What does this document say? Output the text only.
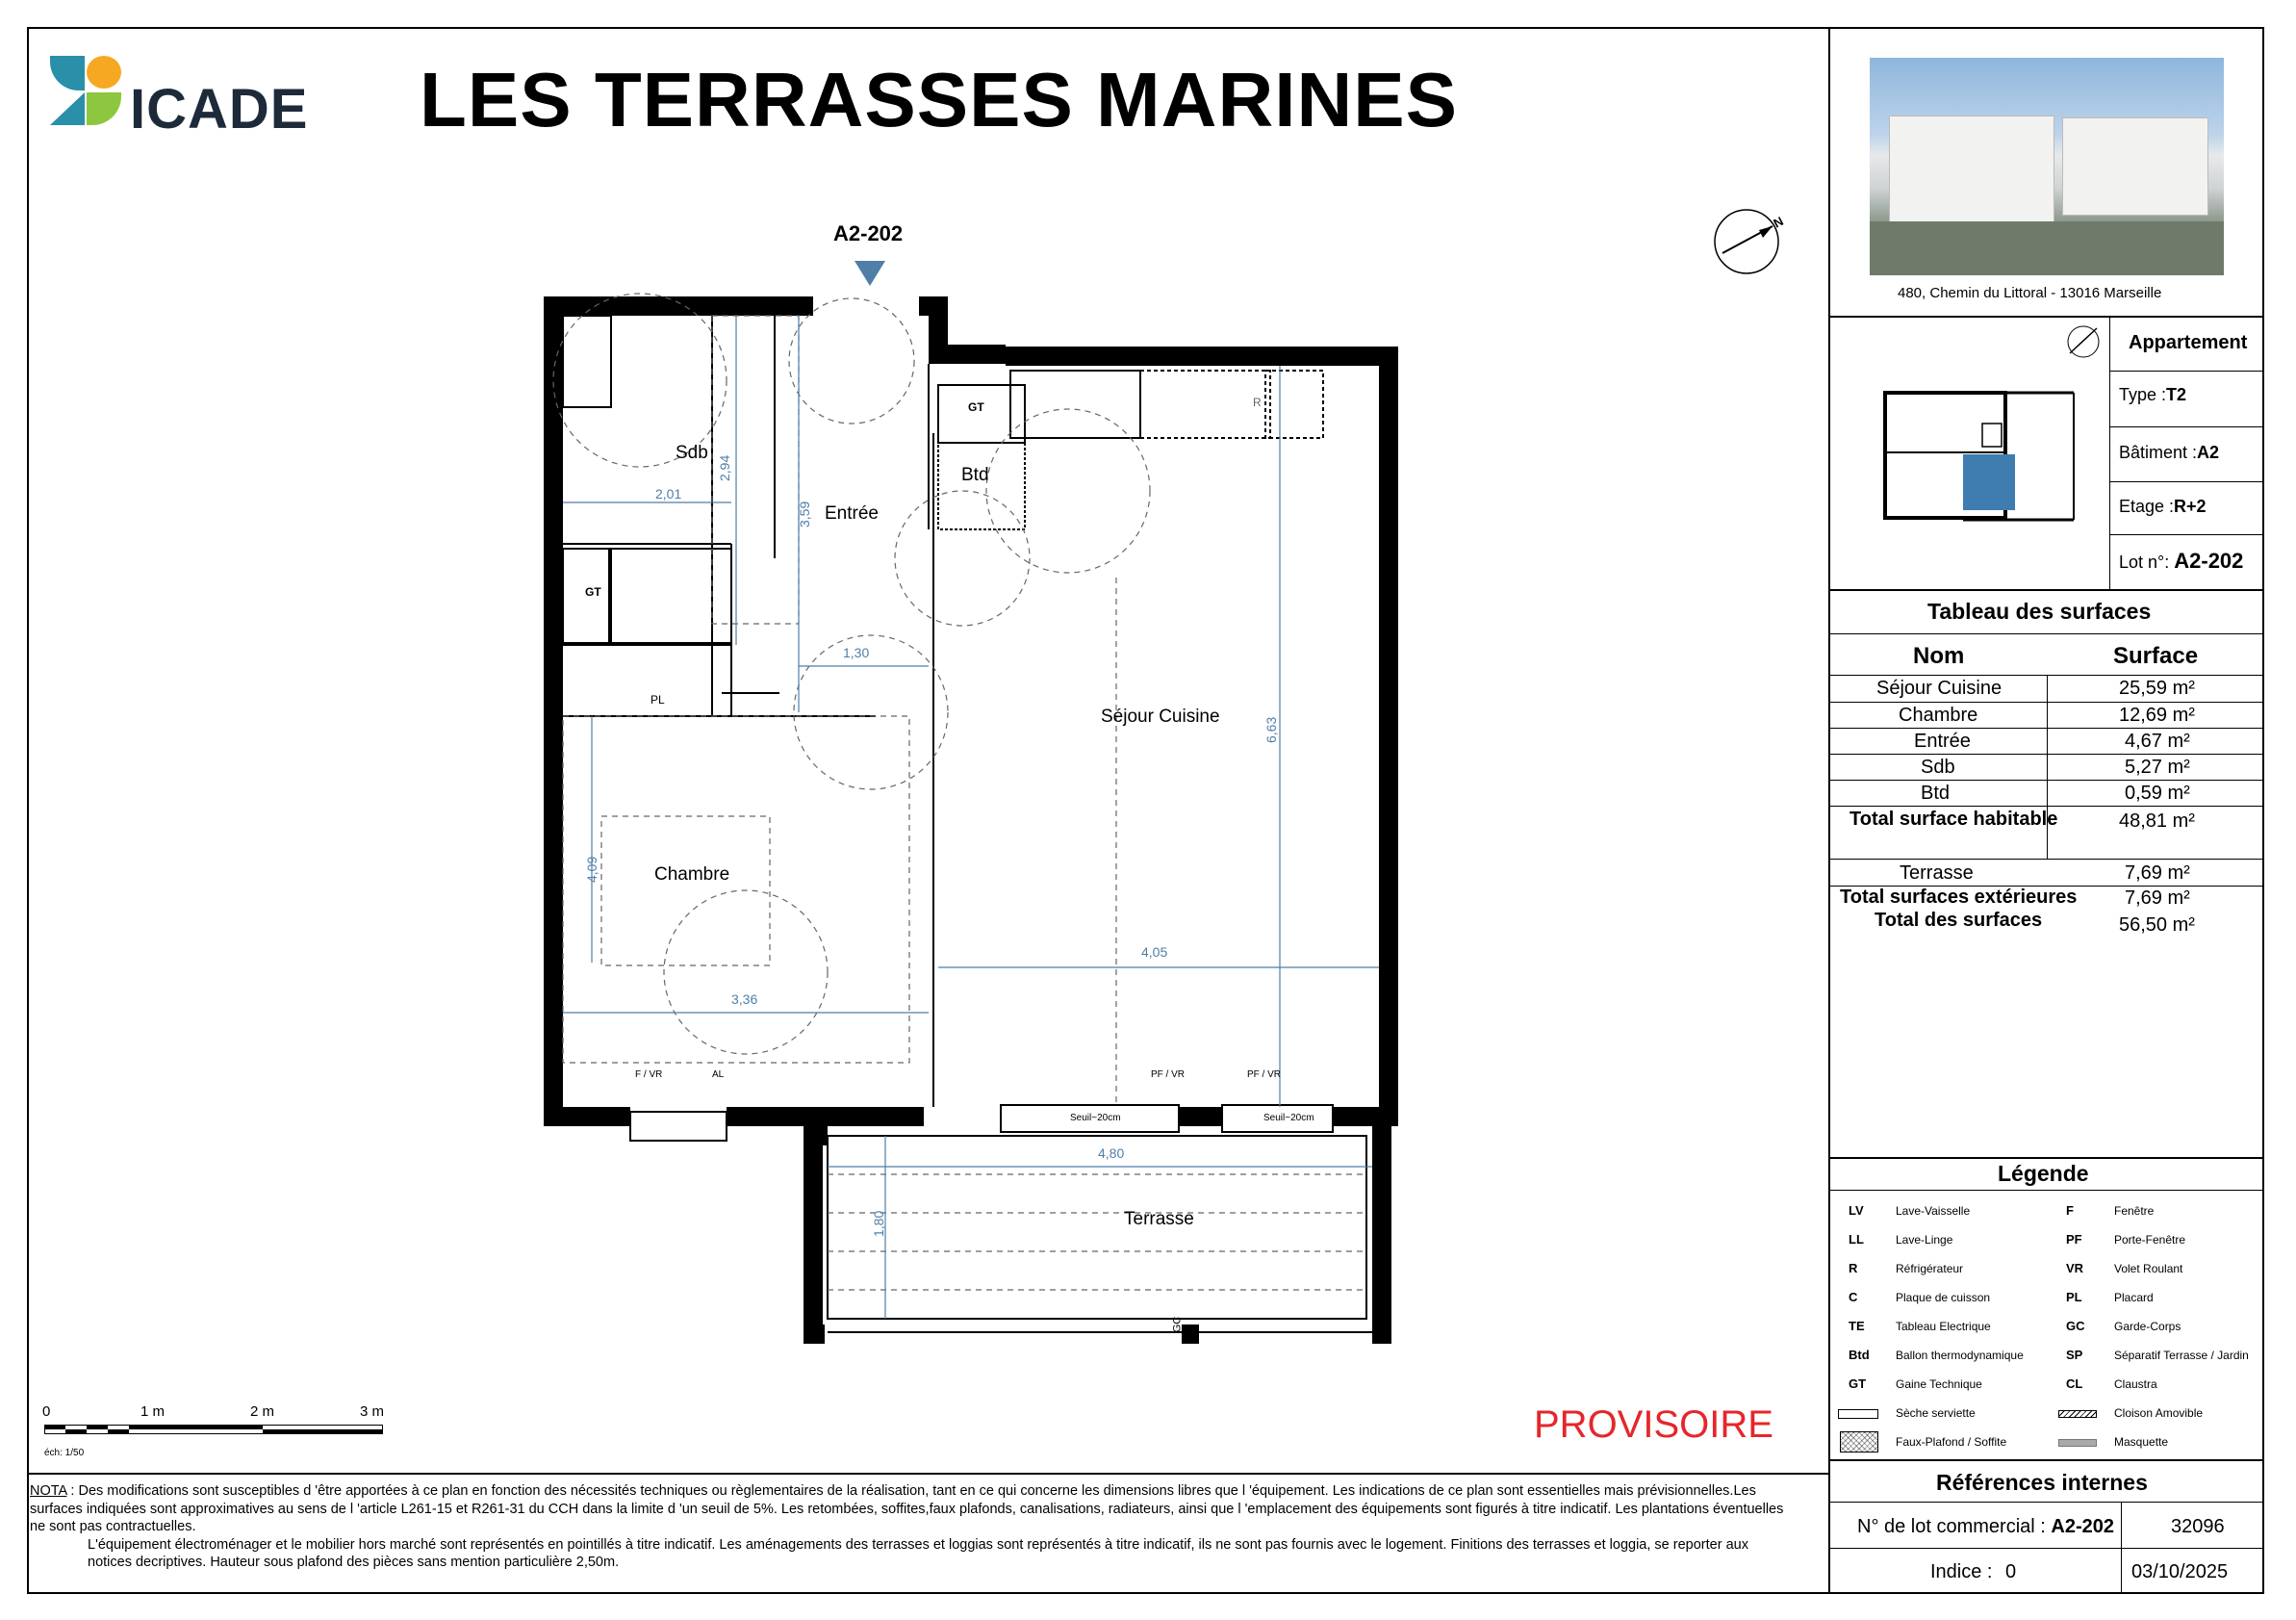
ICADE LES TERRASSES MARINES
A2-202	N
Sdb
Entrée
Btd
Séjour Cuisine
Chambre
Terrasse
GT
GT
PL
R
2,01
2,94
3,59
1,30
6,63
4,09
4,05
3,36
4,80
1,80
F / VR	AL	PF / VR	PF / VR
Seuil~20cm	Seuil~20cm
GC
0	1 m	2 m	3 m
éch: 1/50
PROVISOIRE
NOTA : Des modifications sont susceptibles d 'être apportées à ce plan en fonction des nécessités techniques ou règlementaires de la réalisation, tant en ce qui concerne les dimensions libres que l 'équipement. Les indications de ce plan sont essentielles mais prévisionnelles.Les surfaces indiquées sont approximatives au sens de l 'article L261-15 et R261-31 du CCH dans la limite d 'un seuil de 5%. Les retombées, soffites,faux plafonds, canalisations, radiateurs, ainsi que l 'emplacement des équipements sont figurés à titre indicatif. Les plantations éventuelles ne sont pas contractuelles.
L'équipement électroménager et le mobilier hors marché sont représentés en pointillés à titre indicatif. Les aménagements des terrasses et loggias sont représentés à titre indicatif, ils ne sont pas fournis avec le logement. Finitions des terrasses et loggia, se reporter aux notices decriptives. Hauteur sous plafond des pièces sans mention particulière 2,50m.
480, Chemin du Littoral - 13016 Marseille
Appartement
Type :T2
Bâtiment :A2
Etage :R+2
Lot n°: A2-202
Tableau des surfaces
Nom	Surface
Séjour Cuisine	25,59 m²
Chambre	12,69 m²
Entrée	4,67 m²
Sdb	5,27 m²
Btd	0,59 m²
Total surface habitable	48,81 m²
Terrasse	7,69 m²
Total surfaces extérieures 7,69 m²
Total des surfaces	56,50 m²
Légende
LV	Lave-Vaisselle
LL	Lave-Linge
R	Réfrigérateur
C	Plaque de cuisson
TE	Tableau Electrique
Btd Ballon thermodynamique
GT	Gaine Technique
Sèche serviette
Faux-Plafond / Soffite
F	Fenêtre
PF	Porte-Fenêtre
VR	Volet Roulant
PL	Placard
GC	Garde-Corps
SP	Séparatif Terrasse / Jardin
CL	Claustra
Cloison Amovible
Masquette
Références internes
N° de lot commercial : A2-202	32096
Indice : 0	03/10/2025
